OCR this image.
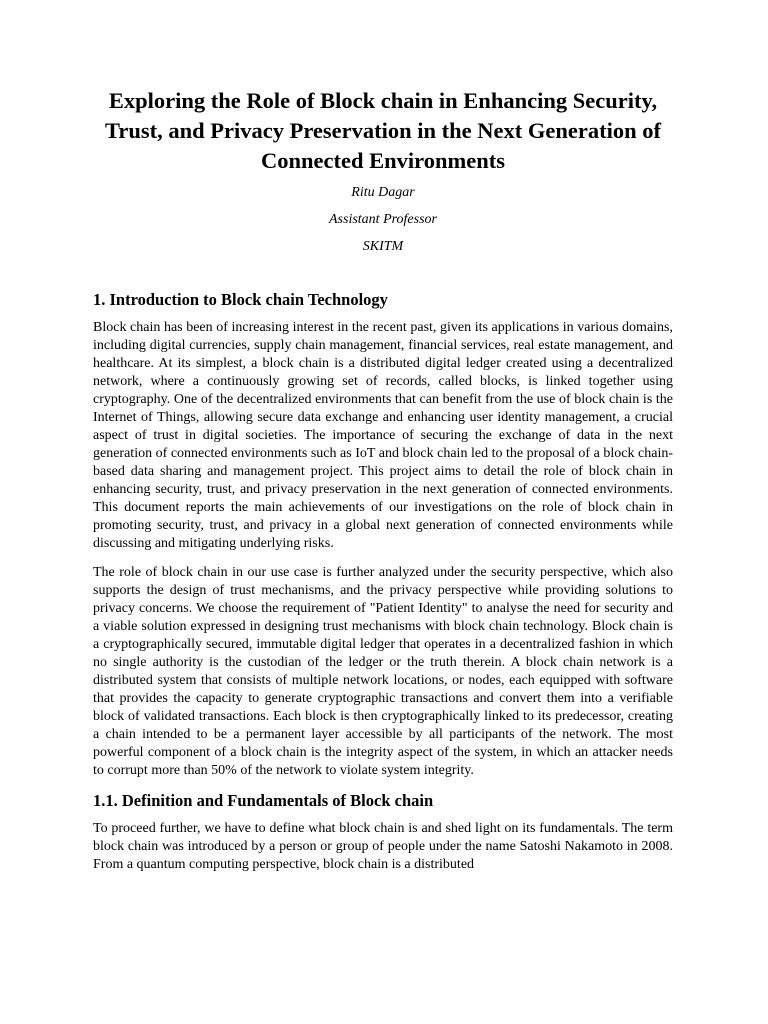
Exploring the Role of Block chain in Enhancing Security, Trust, and Privacy Preservation in the Next Generation of Connected Environments
Ritu Dagar
Assistant Professor
SKITM
1. Introduction to Block chain Technology

Block chain has been of increasing interest in the recent past, given its applications in various domains, including digital currencies, supply chain management, financial services, real estate management, and healthcare. At its simplest, a block chain is a distributed digital ledger created using a decentralized network, where a continuously growing set of records, called blocks, is linked together using cryptography. One of the decentralized environments that can benefit from the use of block chain is the Internet of Things, allowing secure data exchange and enhancing user identity management, a crucial aspect of trust in digital societies. The importance of securing the exchange of data in the next generation of connected environments such as IoT and block chain led to the proposal of a block chain-based data sharing and management project. This project aims to detail the role of block chain in enhancing security, trust, and privacy preservation in the next generation of connected environments. This document reports the main achievements of our investigations on the role of block chain in promoting security, trust, and privacy in a global next generation of connected environments while discussing and mitigating underlying risks.

The role of block chain in our use case is further analyzed under the security perspective, which also supports the design of trust mechanisms, and the privacy perspective while providing solutions to privacy concerns. We choose the requirement of "Patient Identity" to analyse the need for security and a viable solution expressed in designing trust mechanisms with block chain technology. Block chain is a cryptographically secured, immutable digital ledger that operates in a decentralized fashion in which no single authority is the custodian of the ledger or the truth therein. A block chain network is a distributed system that consists of multiple network locations, or nodes, each equipped with software that provides the capacity to generate cryptographic transactions and convert them into a verifiable block of validated transactions. Each block is then cryptographically linked to its predecessor, creating a chain intended to be a permanent layer accessible by all participants of the network. The most powerful component of a block chain is the integrity aspect of the system, in which an attacker needs to corrupt more than 50% of the network to violate system integrity.

1.1. Definition and Fundamentals of Block chain

To proceed further, we have to define what block chain is and shed light on its fundamentals. The term block chain was introduced by a person or group of people under the name Satoshi Nakamoto in 2008. From a quantum computing perspective, block chain is a distributed
